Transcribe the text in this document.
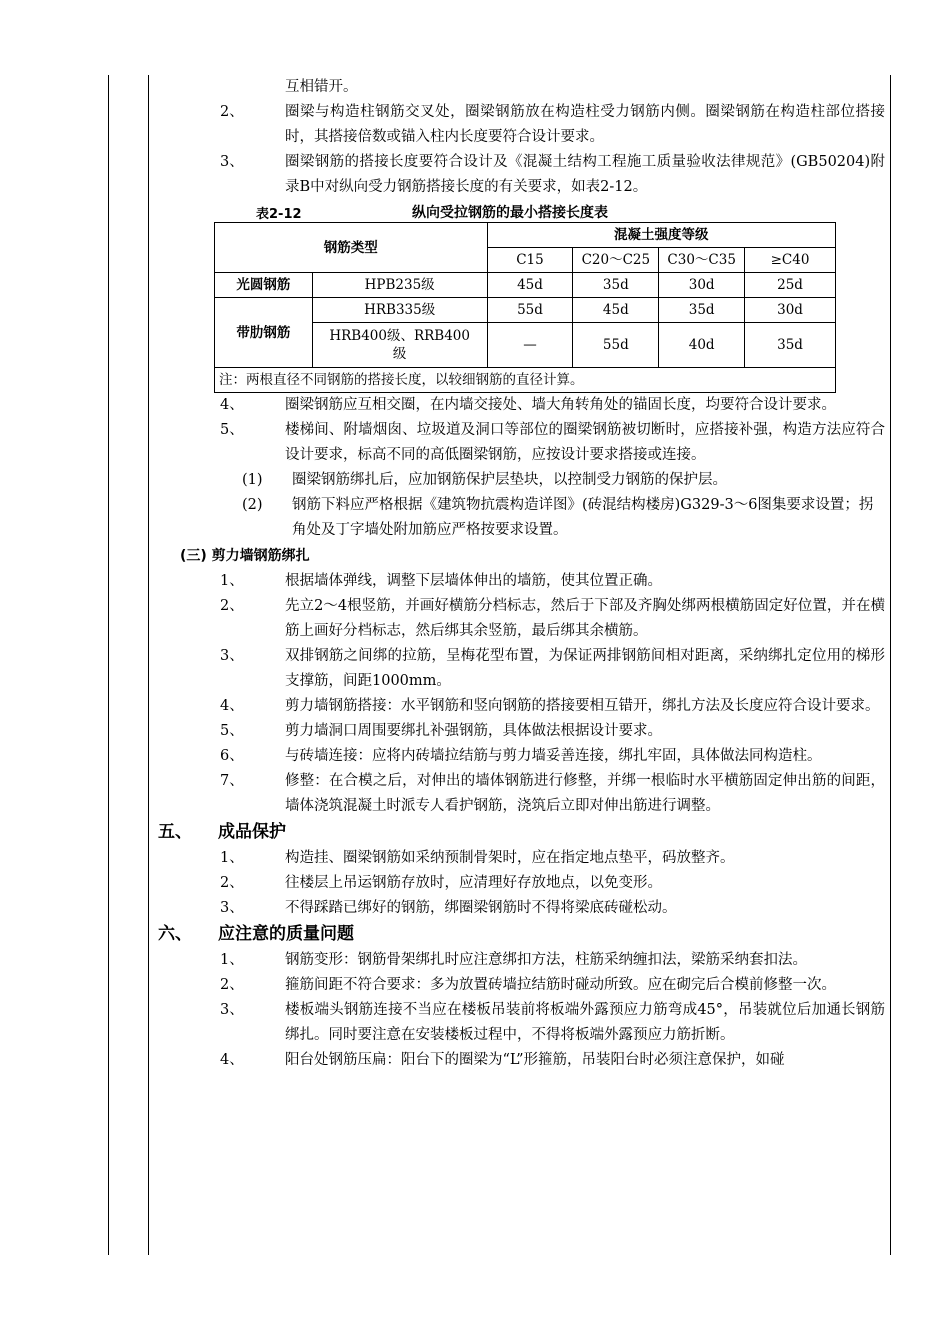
互相错开。
2、	圈梁与构造柱钢筋交叉处，圈梁钢筋放在构造柱受力钢筋内侧。圈梁钢筋在构造柱部位搭接时，其搭接倍数或锚入柱内长度要符合设计要求。
3、	圈梁钢筋的搭接长度要符合设计及《混凝土结构工程施工质量验收法律规范》(GB50204)附录B中对纵向受力钢筋搭接长度的有关要求，如表2-12。
表2-12	纵向受拉钢筋的最小搭接长度表
钢筋类型		混凝土强度等级			
		C15	C20～C25	C30～C35	≥C40
光圆钢筋	HPB235级	45d	35d	30d	25d
带肋钢筋	HRB335级	55d	45d	35d	30d
	HRB400级、RRB400级	—	55d	40d	35d
注：两根直径不同钢筋的搭接长度，以较细钢筋的直径计算。					
4、	圈梁钢筋应互相交圈，在内墙交接处、墙大角转角处的锚固长度，均要符合设计要求。
5、	楼梯间、附墙烟囱、垃圾道及洞口等部位的圈梁钢筋被切断时，应搭接补强，构造方法应符合设计要求，标高不同的高低圈梁钢筋，应按设计要求搭接或连接。
(1) 圈梁钢筋绑扎后，应加钢筋保护层垫块，以控制受力钢筋的保护层。
(2) 钢筋下料应严格根据《建筑物抗震构造详图》(砖混结构楼房)G329-3～6图集要求设置；拐角处及丁字墙处附加筋应严格按要求设置。
(三) 剪力墙钢筋绑扎
1、	根据墙体弹线，调整下层墙体伸出的墙筋，使其位置正确。
2、	先立2～4根竖筋，并画好横筋分档标志，然后于下部及齐胸处绑两根横筋固定好位置，并在横筋上画好分档标志，然后绑其余竖筋，最后绑其余横筋。
3、	双排钢筋之间绑的拉筋，呈梅花型布置，为保证两排钢筋间相对距离，采纳绑扎定位用的梯形支撑筋，间距1000mm。
4、	剪力墙钢筋搭接：水平钢筋和竖向钢筋的搭接要相互错开，绑扎方法及长度应符合设计要求。
5、	剪力墙洞口周围要绑扎补强钢筋，具体做法根据设计要求。
6、	与砖墙连接：应将内砖墙拉结筋与剪力墙妥善连接，绑扎牢固，具体做法同构造柱。
7、	修整：在合模之后，对伸出的墙体钢筋进行修整，并绑一根临时水平横筋固定伸出筋的间距，墙体浇筑混凝土时派专人看护钢筋，浇筑后立即对伸出筋进行调整。
五、 成品保护
1、	构造挂、圈梁钢筋如采纳预制骨架时，应在指定地点垫平，码放整齐。
2、	往楼层上吊运钢筋存放时，应清理好存放地点，以免变形。
3、	不得踩踏已绑好的钢筋，绑圈梁钢筋时不得将梁底砖碰松动。
六、 应注意的质量问题
1、	钢筋变形：钢筋骨架绑扎时应注意绑扣方法，柱筋采纳缠扣法，梁筋采纳套扣法。
2、	箍筋间距不符合要求：多为放置砖墙拉结筋时碰动所致。应在砌完后合模前修整一次。
3、	楼板端头钢筋连接不当应在楼板吊装前将板端外露预应力筋弯成45°，吊装就位后加通长钢筋绑扎。同时要注意在安装楼板过程中，不得将板端外露预应力筋折断。
4、	阳台处钢筋压扁：阳台下的圈梁为“L”形箍筋，吊装阳台时必须注意保护，如碰
